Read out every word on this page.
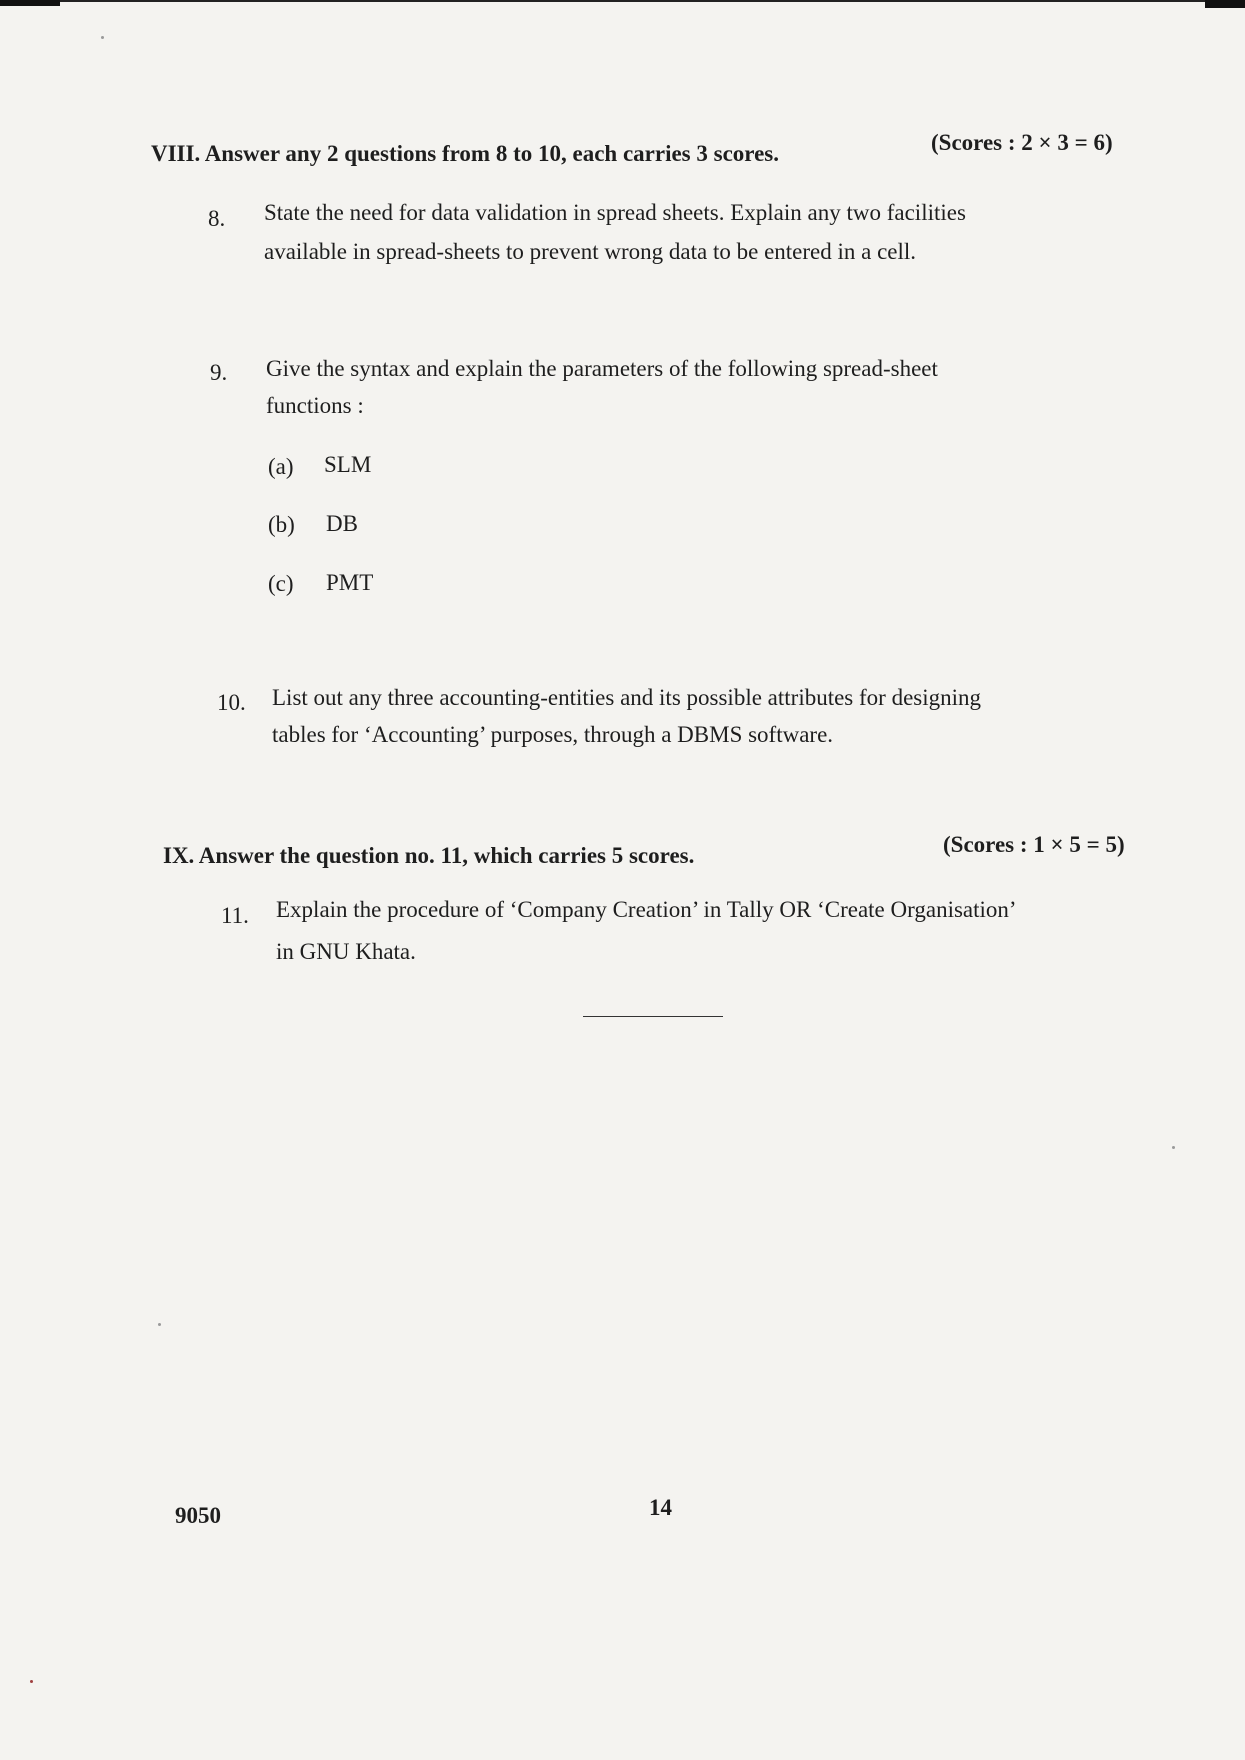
VIII. Answer any 2 questions from 8 to 10, each carries 3 scores.	(Scores : 2 × 3 = 6)
8. State the need for data validation in spread sheets. Explain any two facilities
available in spread-sheets to prevent wrong data to be entered in a cell.
9. Give the syntax and explain the parameters of the following spread-sheet
functions :
(a) SLM
(b) DB
(c) PMT
10. List out any three accounting-entities and its possible attributes for designing
tables for ‘Accounting’ purposes, through a DBMS software.
IX. Answer the question no. 11, which carries 5 scores.	(Scores : 1 × 5 = 5)
11. Explain the procedure of ‘Company Creation’ in Tally OR ‘Create Organisation’
in GNU Khata.
9050	14
